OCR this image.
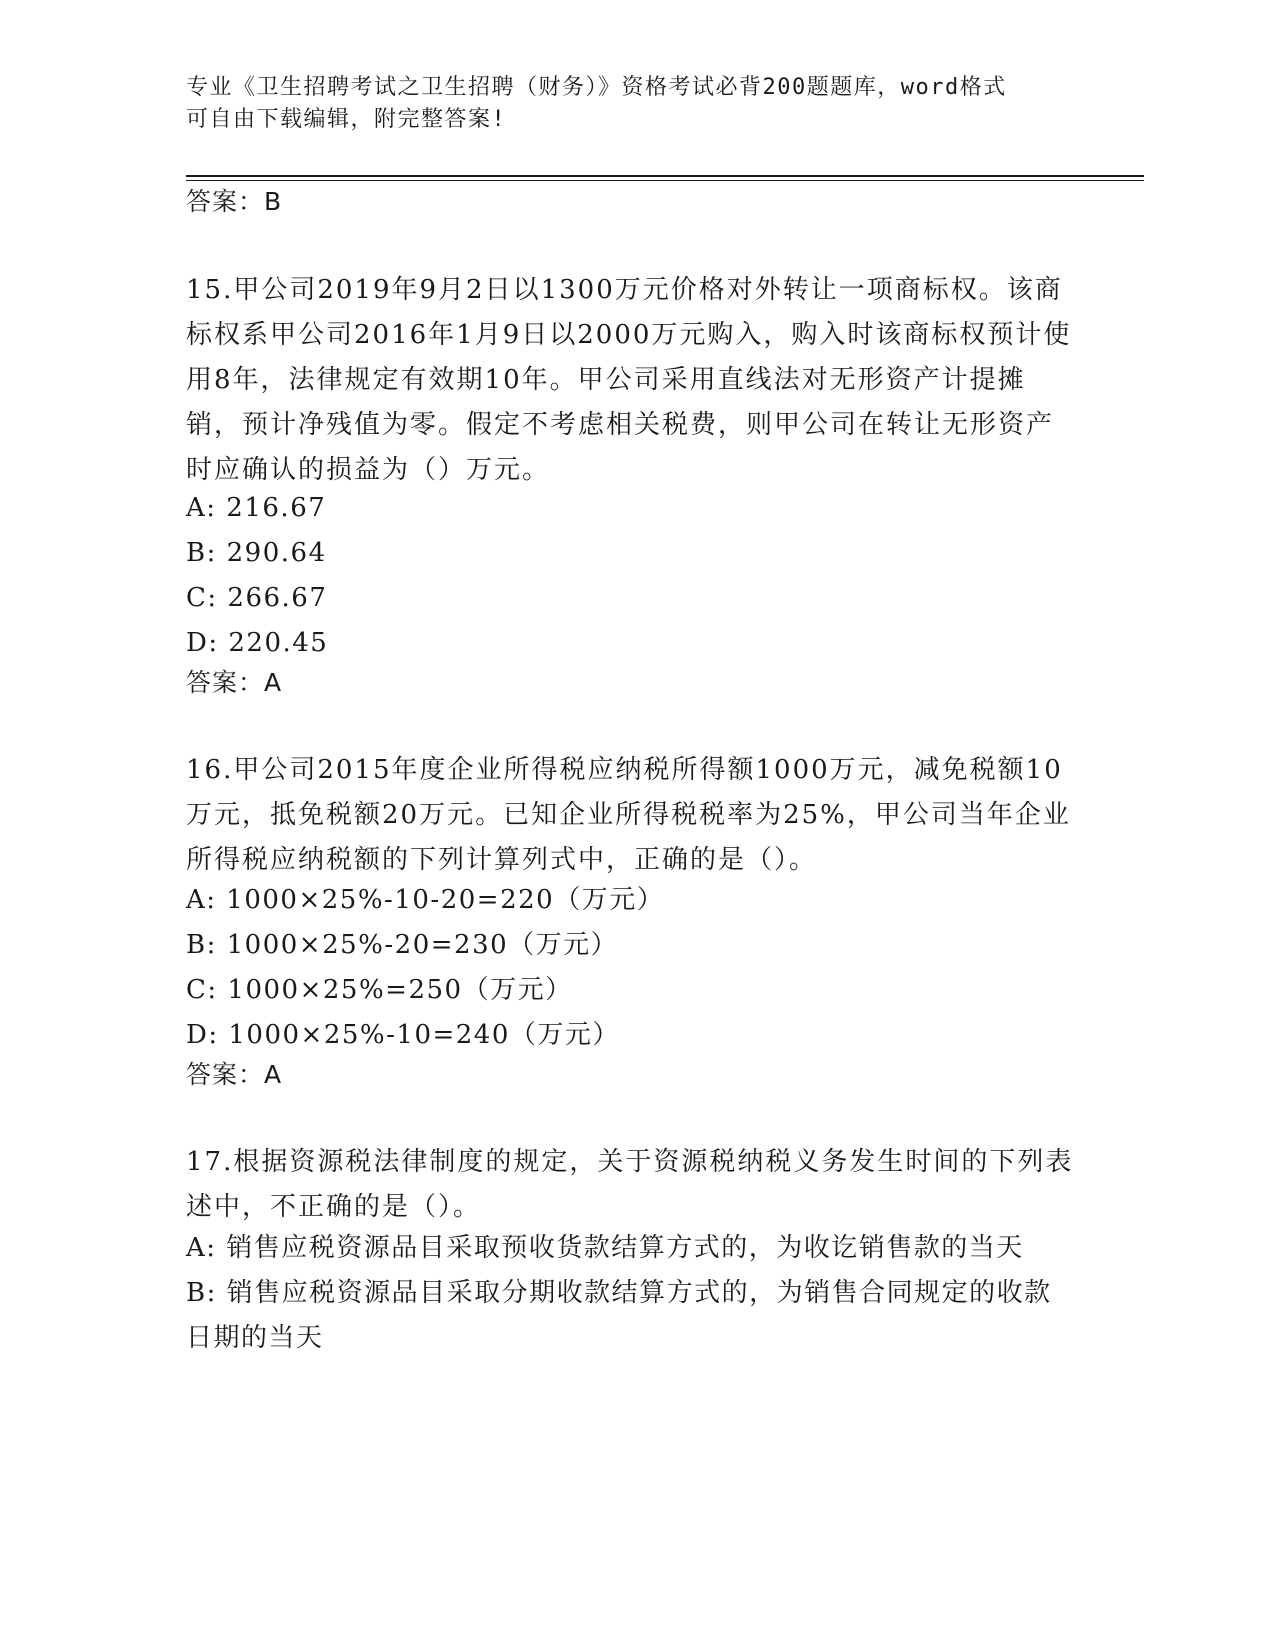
专业《卫生招聘考试之卫生招聘（财务）》资格考试必背200题题库，word格式
可自由下载编辑，附完整答案!
答案：B
15.甲公司2019年9月2日以1300万元价格对外转让一项商标权。该商标权系甲公司2016年1月9日以2000万元购入，购入时该商标权预计使用8年，法律规定有效期10年。甲公司采用直线法对无形资产计提摊销，预计净残值为零。假定不考虑相关税费，则甲公司在转让无形资产时应确认的损益为（）万元。
A: 216.67
B: 290.64
C: 266.67
D: 220.45
答案：A
16.甲公司2015年度企业所得税应纳税所得额1000万元，减免税额10万元，抵免税额20万元。已知企业所得税税率为25%，甲公司当年企业所得税应纳税额的下列计算列式中，正确的是（）。
A: 1000×25%-10-20=220（万元）
B: 1000×25%-20=230（万元）
C: 1000×25%=250（万元）
D: 1000×25%-10=240（万元）
答案：A
17.根据资源税法律制度的规定，关于资源税纳税义务发生时间的下列表述中，不正确的是（）。
A: 销售应税资源品目采取预收货款结算方式的，为收讫销售款的当天
B: 销售应税资源品目采取分期收款结算方式的，为销售合同规定的收款日期的当天
